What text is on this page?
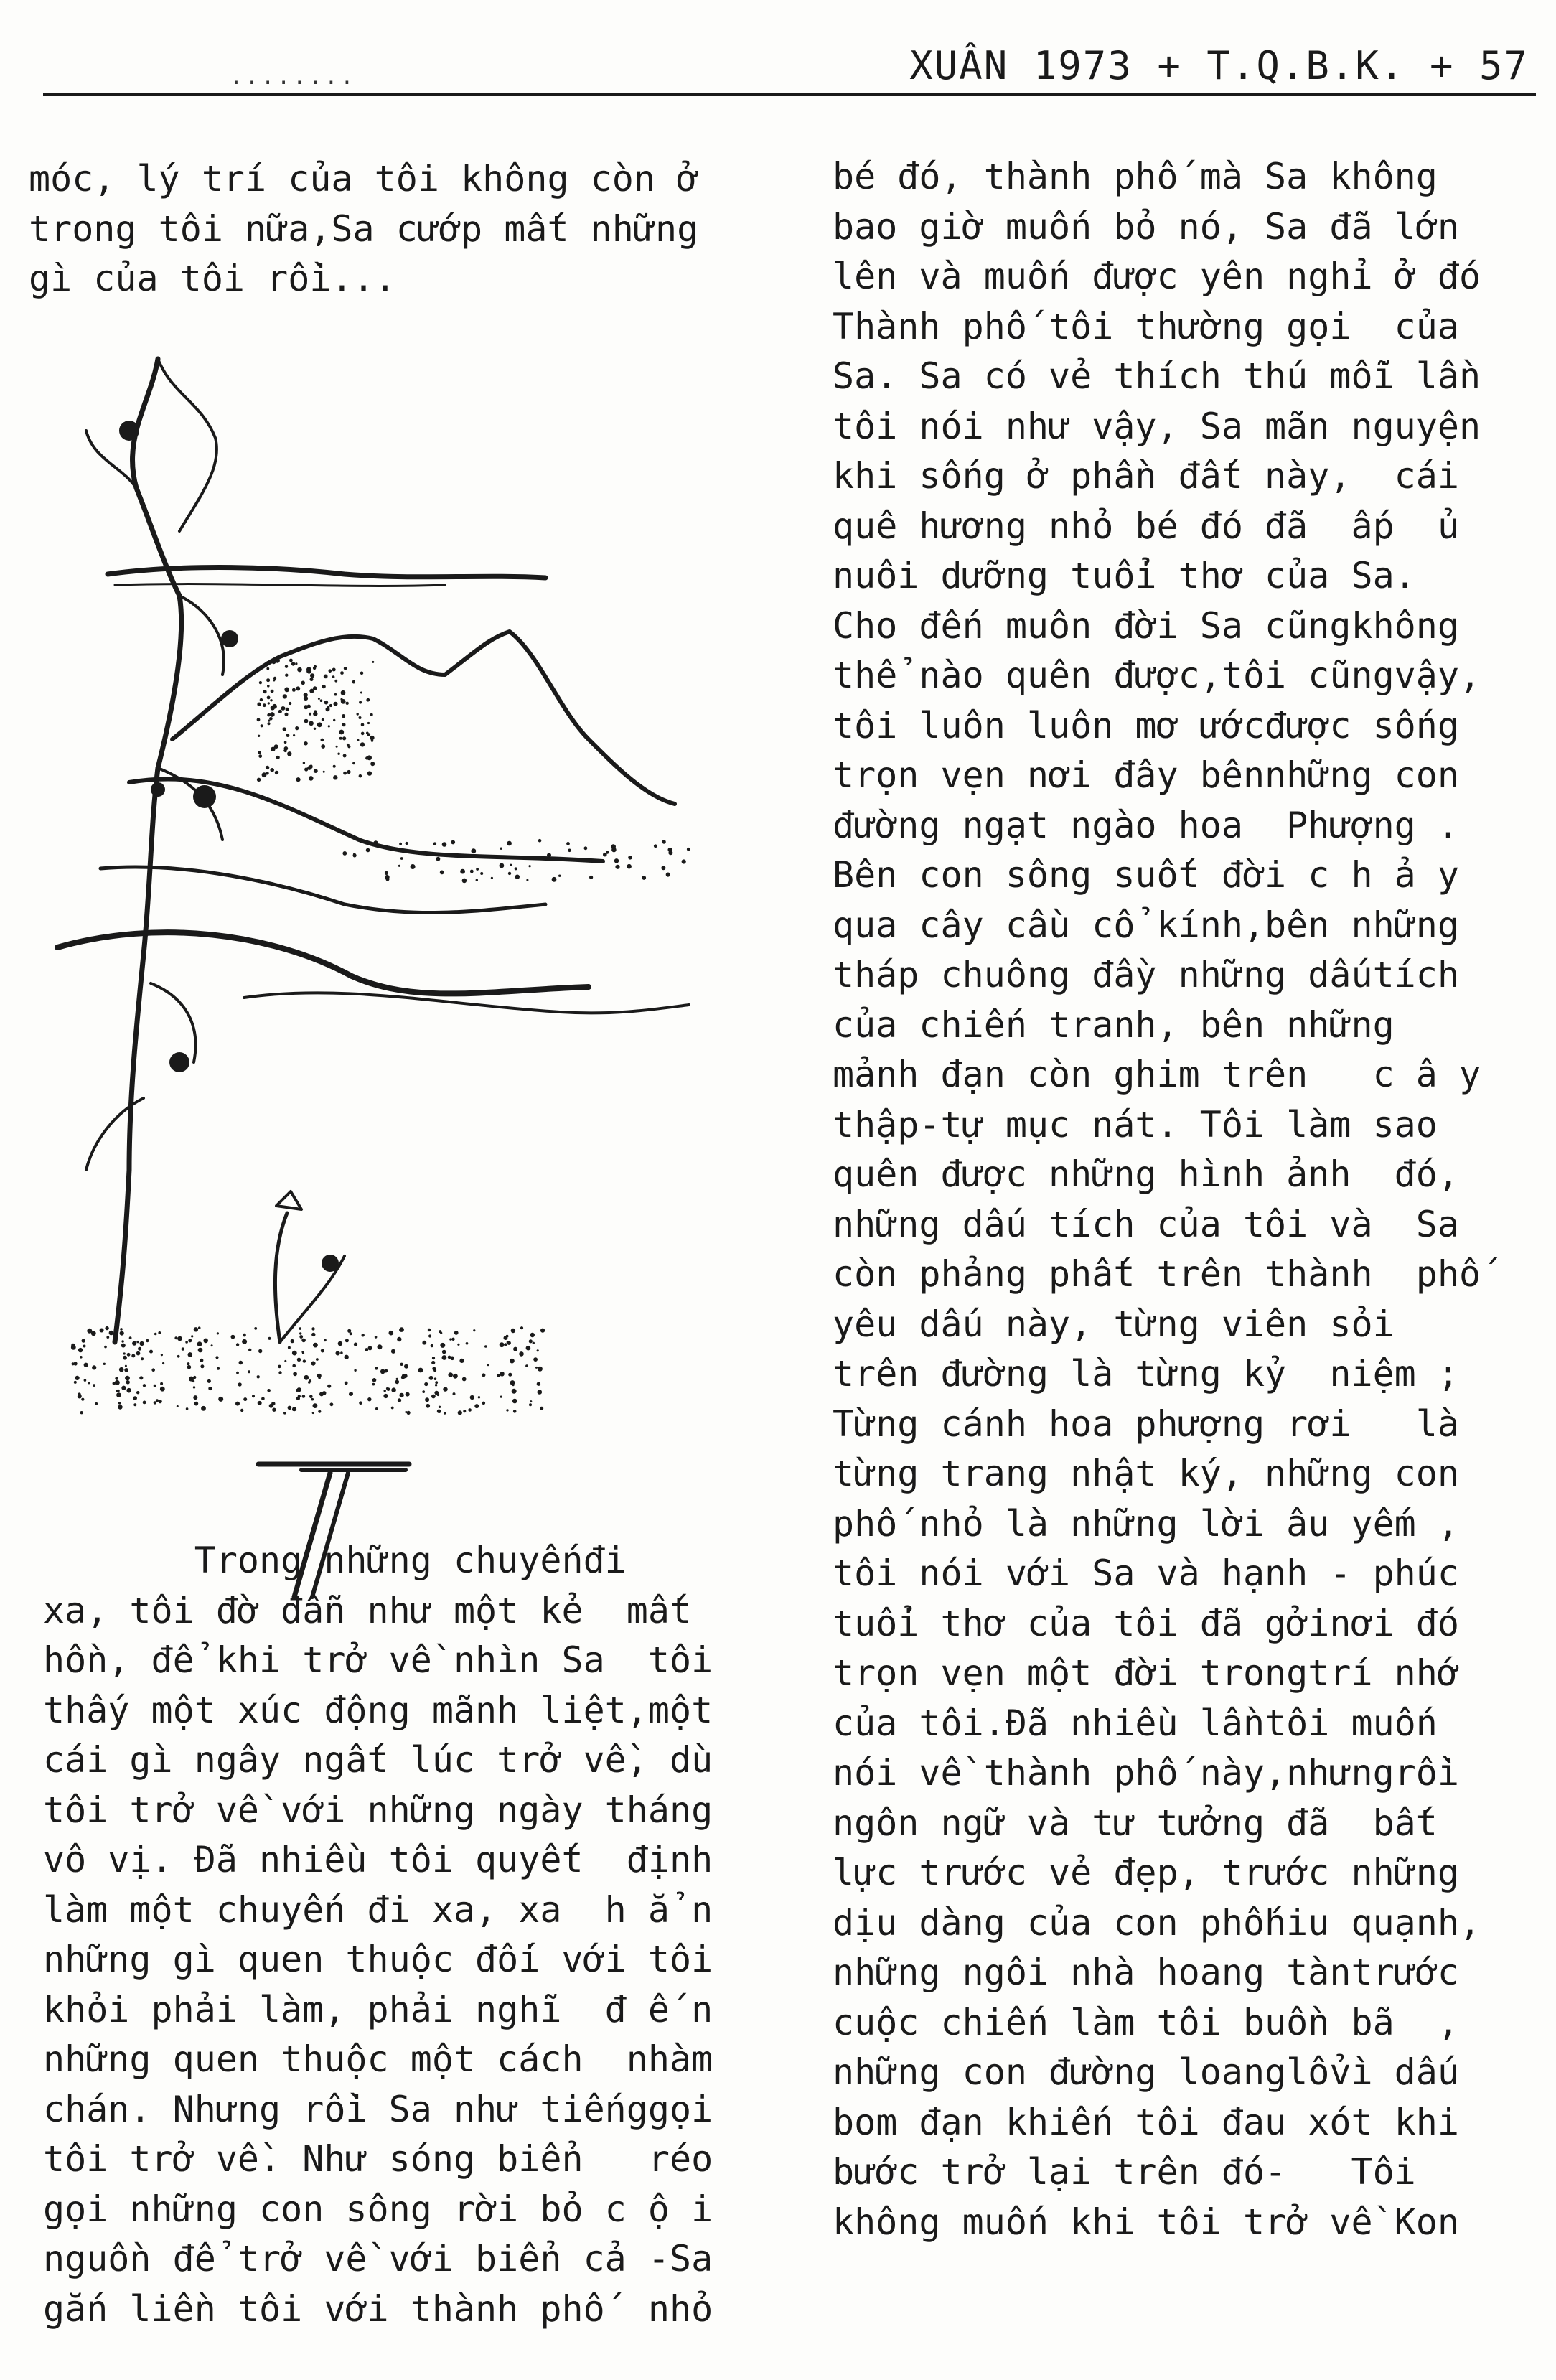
........	XUÂN 1973 + T.Q.B.K. + 57
móc, lý trí của tôi không còn ở
trong tôi nữa,Sa cướp mất những
gì của tôi rồi...
Trong những chuyếnđi
xa, tôi đờ đẫn như một kẻ  mất
hồn, để khi trở về nhìn Sa  tôi
thấy một xúc động mãnh liệt,một
cái gì ngây ngất lúc trở về, dù
tôi trở về với những ngày tháng
vô vị. Đã nhiều tôi quyết  định
làm một chuyến đi xa, xa  h ẳ n
những gì quen thuộc đối với tôi
khỏi phải làm, phải nghĩ  đ ế n
những quen thuộc một cách  nhàm
chán. Nhưng rồi Sa như tiếnggọi
tôi trở về. Như sóng biển   réo
gọi những con sông rời bỏ c ộ i
nguồn để trở về với biển cả -Sa
gắn liền tôi với thành phố  nhỏ
bé đó, thành phố mà Sa không
bao giờ muốn bỏ nó, Sa đã lớn
lên và muốn được yên nghỉ ở đó
Thành phố tôi thường gọi  của
Sa. Sa có vẻ thích thú mỗi lần
tôi nói như vậy, Sa mãn nguyện
khi sống ở phần đất này,  cái
quê hương nhỏ bé đó đã  ấp  ủ
nuôi dưỡng tuổi thơ của Sa.
Cho đến muôn đời Sa cũngkhông
thể nào quên được,tôi cũngvậy,
tôi luôn luôn mơ ướcđược sống
trọn vẹn nơi đây bênnhững con
đường ngạt ngào hoa  Phượng .
Bên con sông suốt đời c h ả y
qua cây cầu cổ kính,bên những
tháp chuông đầy những dấutích
của chiến tranh, bên những
mảnh đạn còn ghim trên   c â y
thập-tự mục nát. Tôi làm sao
quên được những hình ảnh  đó,
những dấu tích của tôi và  Sa
còn phảng phất trên thành  phố
yêu dấu này, từng viên sỏi
trên đường là từng kỷ  niệm ;
Từng cánh hoa phượng rơi   là
từng trang nhật ký, những con
phố nhỏ là những lời âu yếm ,
tôi nói với Sa và hạnh - phúc
tuổi thơ của tôi đã gởinơi đó
trọn vẹn một đời trongtrí nhớ
của tôi.Đã nhiều lầntôi muốn
nói về thành phố này,nhưngrồi
ngôn ngữ và tư tưởng đã  bất
lực trước vẻ đẹp, trước những
dịu dàng của con phốhiu quạnh,
những ngôi nhà hoang tàntrước
cuộc chiến làm tôi buồn bã  ,
những con đường loanglổvì dấu
bom đạn khiến tôi đau xót khi
bước trở lại trên đó-   Tôi
không muốn khi tôi trở về Kon
